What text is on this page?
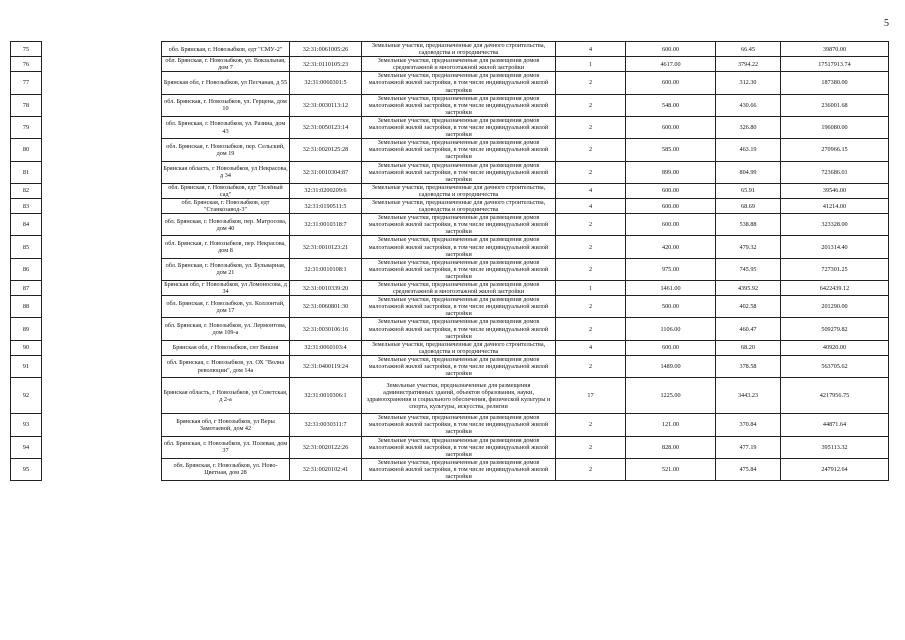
5
75		обл. Брянская, г. Новозыбков, едт "СМУ-2"	32:31:0061005:26	Земельные участки, предназначенные для дачного строительства, садоводства и огородничества	4	600.00	66.45	39870.00
76		обл. Брянская, г. Новозыбков, ул. Вокзальная, дом 7	32:31:0110105:23	Земельные участки, предназначенные для размещения домов среднеэтажной и многоэтажной жилой застройки	1	4617.00	3794.22	17517913.74
77		Брянская обл, г Новозыбков, ул Песчаная, д 55	32:31:0060301:5	Земельные участки, предназначенные для размещения домов малоэтажной жилой застройки, в том числе индивидуальной жилой застройки	2	600.00	312.30	187380.00
78		обл. Брянская, г. Новозыбков, ул. Герцена, дом 10	32:31:0030113:12	Земельные участки, предназначенные для размещения домов малоэтажной жилой застройки, в том числе индивидуальной жилой застройки	2	548.00	430.66	236001.68
79		обл. Брянская, г. Новозыбков, ул. Разина, дом 43	32:31:0050123:14	Земельные участки, предназначенные для размещения домов малоэтажной жилой застройки, в том числе индивидуальной жилой застройки	2	600.00	326.80	196080.00
80		обл. Брянская, г. Новозыбков, пер. Сельский, дом 19	32:31:0020125:28	Земельные участки, предназначенные для размещения домов малоэтажной жилой застройки, в том числе индивидуальной жилой застройки	2	585.00	463.19	270966.15
81		Брянская область, г Новозыбков, ул Некрасова, д 34	32:31:0010304:87	Земельные участки, предназначенные для размещения домов малоэтажной жилой застройки, в том числе индивидуальной жилой застройки	2	899.00	804.99	723686.01
82		обл. Брянская, г. Новозыбков, едт "Зелёный сад"	32:31:0200209:6	Земельные участки, предназначенные для дачного строительства, садоводства и огородничества	4	600.00	65.91	39546.00
83		обл. Брянская, г. Новозыбков, едт "Станкозавод-3"	32:31:0190511:5	Земельные участки, предназначенные для дачного строительства, садоводства и огородничества	4	600.00	68.69	41214.00
84		обл. Брянская, г. Новозыбков, пер. Матросова, дом 40	32:31:0010318:7	Земельные участки, предназначенные для размещения домов малоэтажной жилой застройки, в том числе индивидуальной жилой застройки	2	600.00	538.88	323328.00
85		обл. Брянская, г. Новозыбков, пер. Некрасова, дом 8	32:31:0010123:21	Земельные участки, предназначенные для размещения домов малоэтажной жилой застройки, в том числе индивидуальной жилой застройки	2	420.00	479.32	201314.40
86		обл. Брянская, г. Новозыбков, ул. Бульварная, дом 21	32:31:0010108:1	Земельные участки, предназначенные для размещения домов малоэтажной жилой застройки, в том числе индивидуальной жилой застройки	2	975.00	745.95	727301.25
87		Брянская обл, г Новозыбков, ул Ломоносова, д 34	32:31:0010339:20	Земельные участки, предназначенные для размещения домов среднеэтажной и многоэтажной жилой застройки	1	1461.00	4395.92	6422439.12
88		обл. Брянская, г. Новозыбков, ул. Коллонтай, дом 17	32:31:0060801:30	Земельные участки, предназначенные для размещения домов малоэтажной жилой застройки, в том числе индивидуальной жилой застройки	2	500.00	402.58	201290.00
89		обл. Брянская, г. Новозыбков, ул. Лермонтова, дом 109-а	32:31:0030106:16	Земельные участки, предназначенные для размещения домов малоэтажной жилой застройки, в том числе индивидуальной жилой застройки	2	1106.00	460.47	509279.82
90		Брянская обл, г Новозыбков, снт Вишня	32:31:0060103:4	Земельные участки, предназначенные для дачного строительства, садоводства и огородничества	4	600.00	68.20	40920.00
91		обл. Брянская, г. Новозыбков, ул. ОХ "Волна революции", дом 14а	32:31:0400119:24	Земельные участки, предназначенные для размещения домов малоэтажной жилой застройки, в том числе индивидуальной жилой застройки	2	1489.00	378.58	563705.62
92		Брянская область, г Новозыбков, ул Советская, д 2-а	32:31:0010306:1	Земельные участки, предназначенные для размещения административных зданий, объектов образования, науки, здравоохранения и социального обеспечения, физической культуры и спорта, культуры, искусства, религии	17	1225.00	3443.23	4217956.75
93		Брянская обл, г Новозыбков, ул Веры Замотаевой, дом 42	32:31:0030311:7	Земельные участки, предназначенные для размещения домов малоэтажной жилой застройки, в том числе индивидуальной жилой застройки	2	121.00	370.84	44871.64
94		обл. Брянская, г. Новозыбков, ул. Полевая, дом 37	32:31:0020122:26	Земельные участки, предназначенные для размещения домов малоэтажной жилой застройки, в том числе индивидуальной жилой застройки	2	828.00	477.19	395113.32
95		обл. Брянская, г. Новозыбков, ул. Ново-Цветная, дом 28	32:31:0020102:41	Земельные участки, предназначенные для размещения домов малоэтажной жилой застройки, в том числе индивидуальной жилой застройки	2	521.00	475.84	247912.64
